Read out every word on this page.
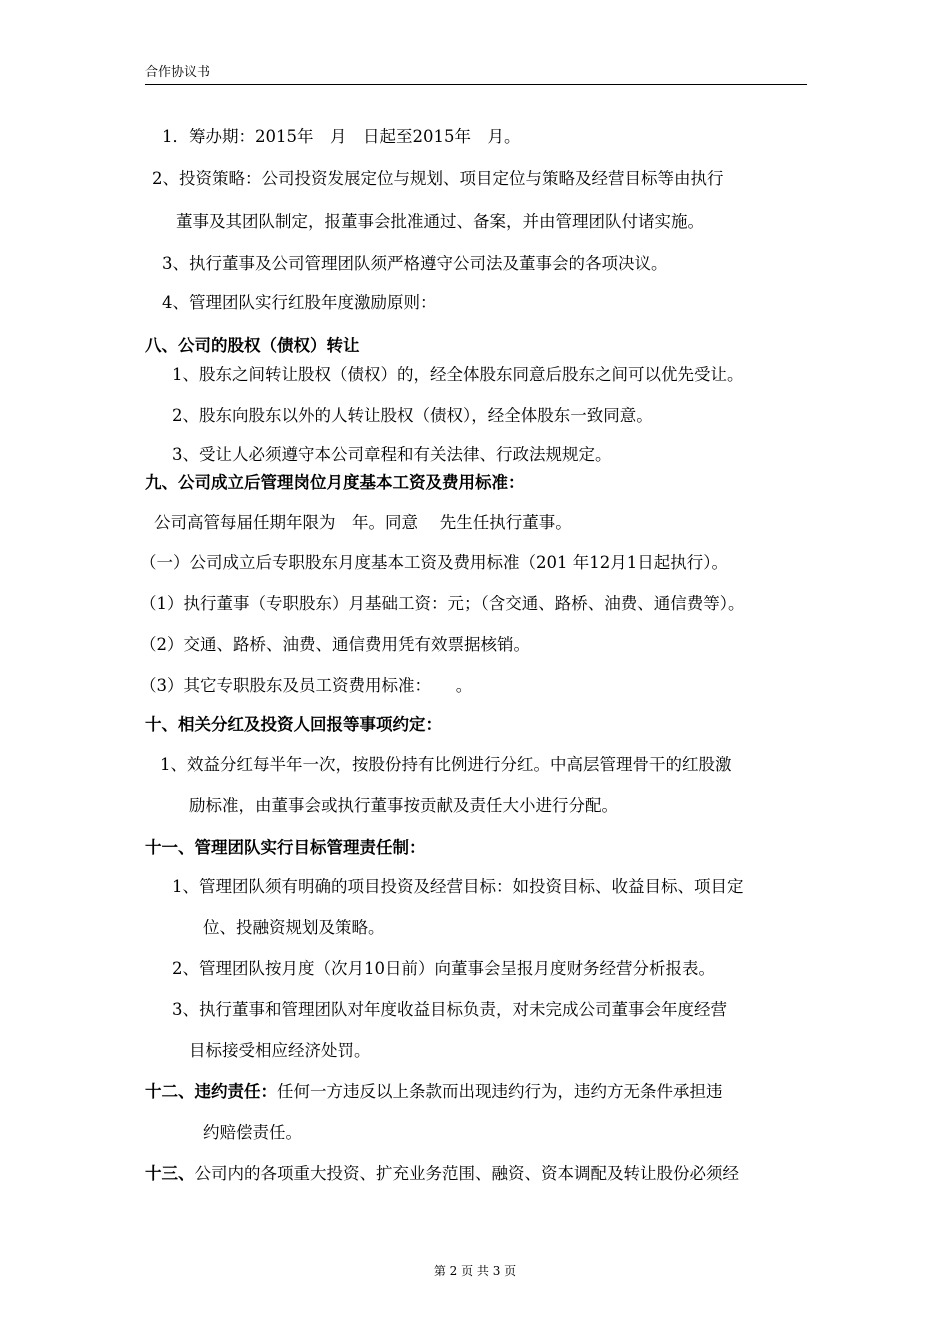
合作协议书
1．筹办期：2015年　月　日起至2015年　月。
2、投资策略：公司投资发展定位与规划、项目定位与策略及经营目标等由执行
董事及其团队制定，报董事会批准通过、备案，并由管理团队付诸实施。
3、执行董事及公司管理团队须严格遵守公司法及董事会的各项决议。
4、管理团队实行红股年度激励原则：
八、公司的股权（债权）转让
1、股东之间转让股权（债权）的，经全体股东同意后股东之间可以优先受让。
2、股东向股东以外的人转让股权（债权），经全体股东一致同意。
3、受让人必须遵守本公司章程和有关法律、行政法规规定。
九、公司成立后管理岗位月度基本工资及费用标准：
公司高管每届任期年限为　年。同意　 先生任执行董事。
（一）公司成立后专职股东月度基本工资及费用标准（201 年12月1日起执行）。
（1）执行董事（专职股东）月基础工资：元；（含交通、路桥、油费、通信费等）。
（2）交通、路桥、油费、通信费用凭有效票据核销。
（3）其它专职股东及员工资费用标准：　　。
十、相关分红及投资人回报等事项约定：
1、效益分红每半年一次，按股份持有比例进行分红。中高层管理骨干的红股激
励标准，由董事会或执行董事按贡献及责任大小进行分配。
十一、管理团队实行目标管理责任制：
1、管理团队须有明确的项目投资及经营目标：如投资目标、收益目标、项目定
位、投融资规划及策略。
2、管理团队按月度（次月10日前）向董事会呈报月度财务经营分析报表。
3、执行董事和管理团队对年度收益目标负责，对未完成公司董事会年度经营
目标接受相应经济处罚。
十二、违约责任：任何一方违反以上条款而出现违约行为，违约方无条件承担违
约赔偿责任。
十三、公司内的各项重大投资、扩充业务范围、融资、资本调配及转让股份必须经
第 2 页 共 3 页
